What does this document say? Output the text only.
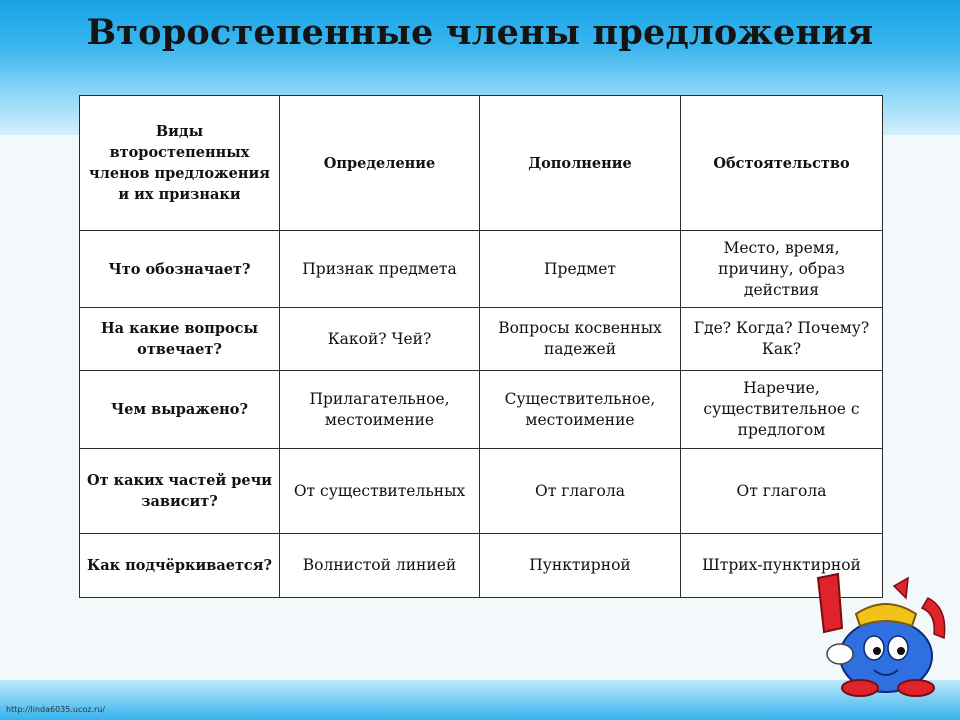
Второстепенные члены предложения
Виды второстепенных членов предложения и их признаки	Определение	Дополнение	Обстоятельство
Что обозначает?	Признак предмета	Предмет	Место, время, причину, образ действия
На какие вопросы отвечает?	Какой? Чей?	Вопросы косвенных падежей	Где? Когда? Почему? Как?
Чем выражено?	Прилагательное, местоимение	Существительное, местоимение	Наречие, существительное с предлогом
От каких частей речи зависит?	От существительных	От глагола	От глагола
Как подчёркивается?	Волнистой линией	Пунктирной	Штрих-пунктирной
http://linda6035.ucoz.ru/
